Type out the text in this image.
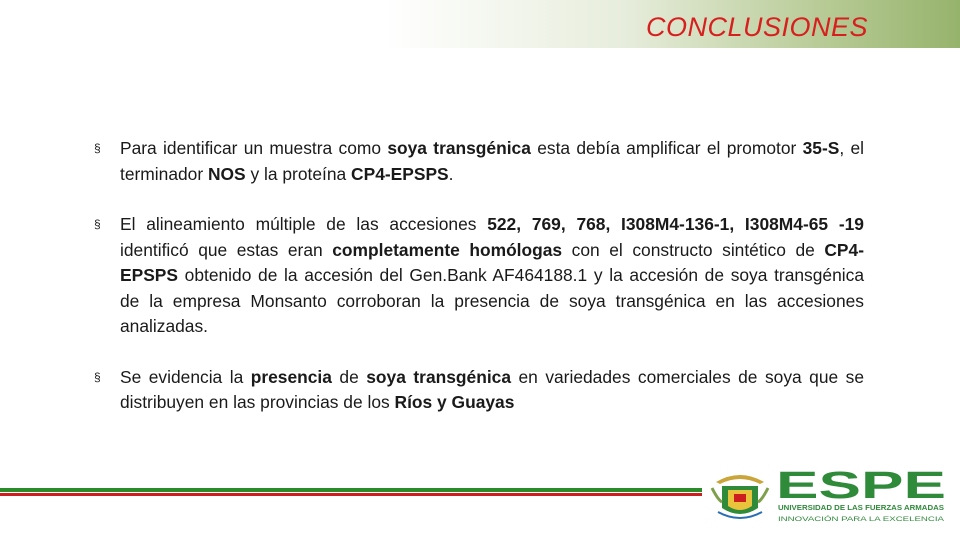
CONCLUSIONES
§ Para identificar un muestra como soya transgénica esta debía amplificar el promotor 35-S, el terminador NOS y la proteína CP4-EPSPS.
§ El alineamiento múltiple de las accesiones 522, 769, 768, I308M4-136-1, I308M4-65 -19 identificó que estas eran completamente homólogas con el constructo sintético de CP4-EPSPS obtenido de la accesión del Gen.Bank AF464188.1 y la accesión de soya transgénica de la empresa Monsanto corroboran la presencia de soya transgénica en las accesiones analizadas.
§ Se evidencia la presencia de soya transgénica en variedades comerciales de soya que se distribuyen en las provincias de los Ríos y Guayas
ESPE
UNIVERSIDAD DE LAS FUERZAS ARMADAS
INNOVACIÓN PARA LA EXCELENCIA
